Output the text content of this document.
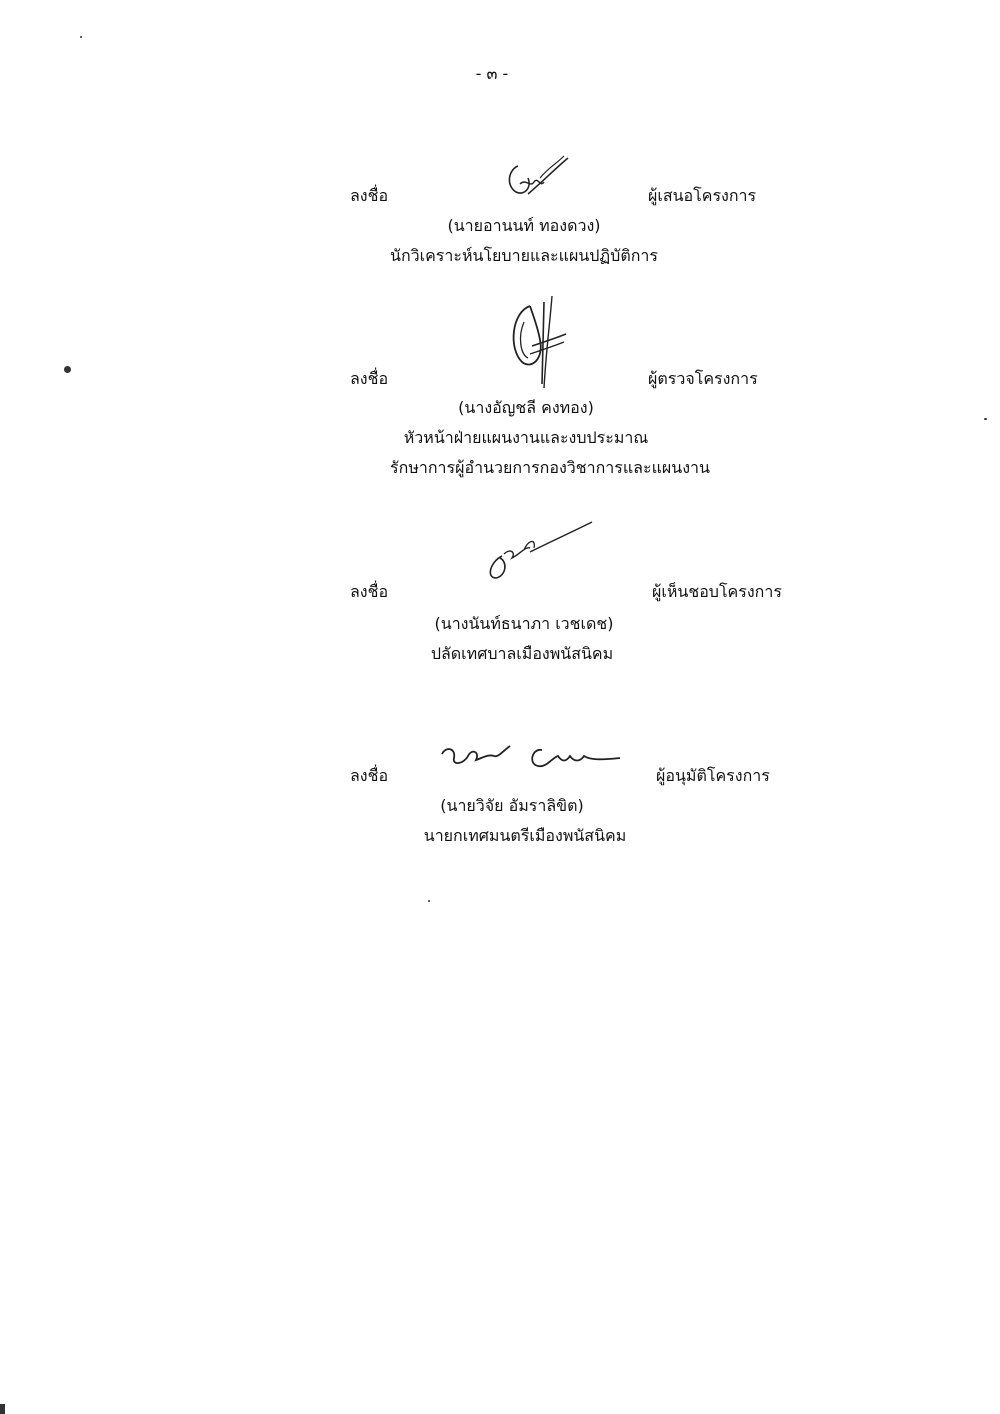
- ๓ -
ลงชื่อ	ผู้เสนอโครงการ
(นายอานนท์ ทองดวง)
นักวิเคราะห์นโยบายและแผนปฏิบัติการ
ลงชื่อ	ผู้ตรวจโครงการ
(นางอัญชลี คงทอง)
หัวหน้าฝ่ายแผนงานและงบประมาณ
รักษาการผู้อำนวยการกองวิชาการและแผนงาน
ลงชื่อ	ผู้เห็นชอบโครงการ
(นางนันท์ธนาภา เวชเดช)
ปลัดเทศบาลเมืองพนัสนิคม
ลงชื่อ	ผู้อนุมัติโครงการ
(นายวิจัย อัมราลิขิต)
นายกเทศมนตรีเมืองพนัสนิคม
